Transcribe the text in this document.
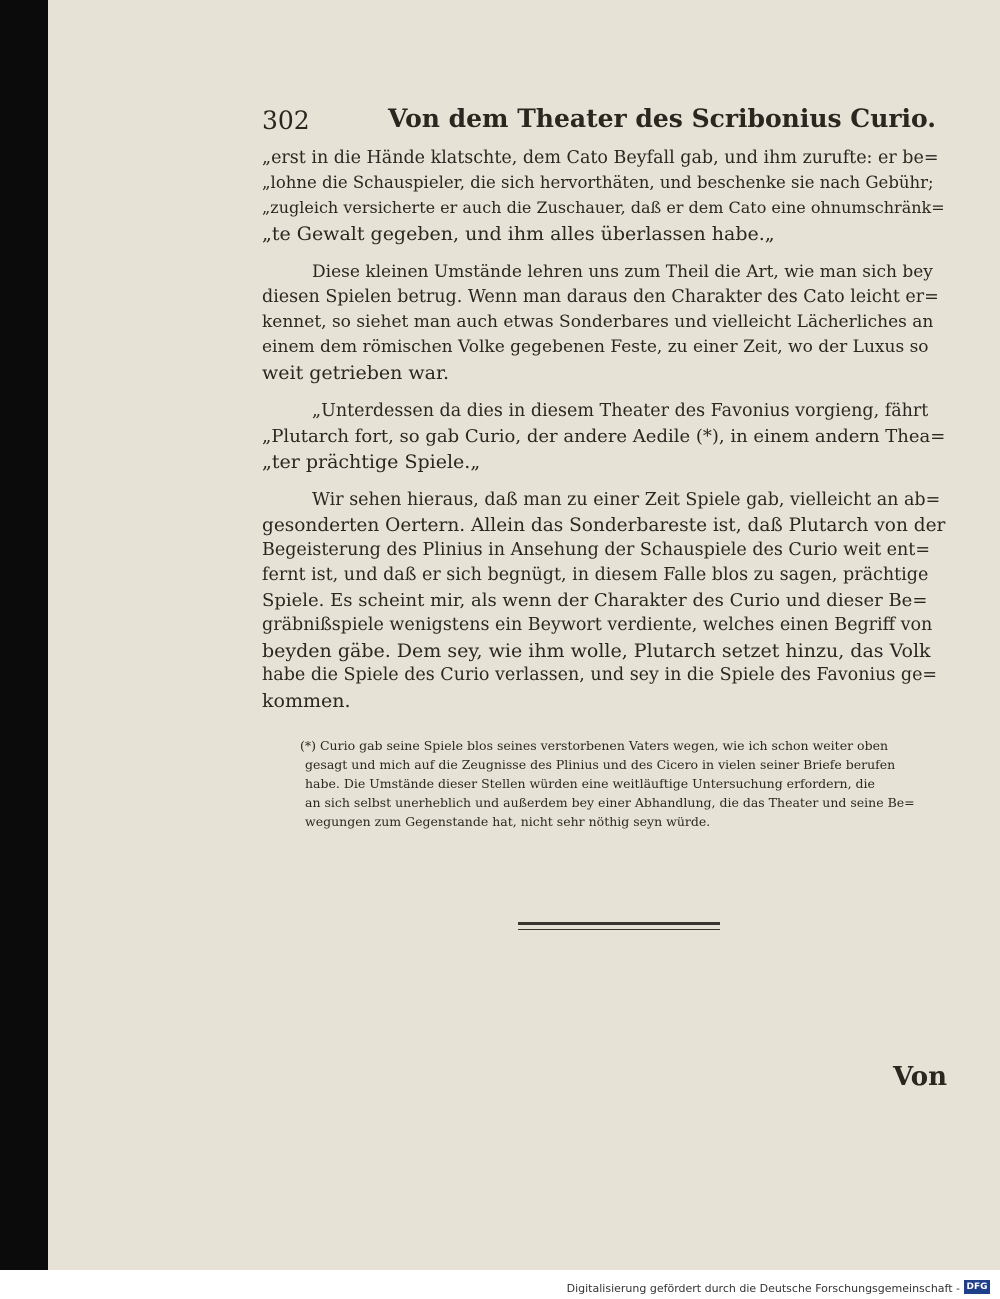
302	Von dem Theater des Scribonius Curio.
„erst in die Hände klatschte, dem Cato Beyfall gab, und ihm zurufte: er be=
„lohne die Schauspieler, die sich hervorthäten, und beschenke sie nach Gebühr;
„zugleich versicherte er auch die Zuschauer, daß er dem Cato eine ohnumschränk=
„te Gewalt gegeben, und ihm alles überlassen habe.„
Diese kleinen Umstände lehren uns zum Theil die Art, wie man sich bey
diesen Spielen betrug. Wenn man daraus den Charakter des Cato leicht er=
kennet, so siehet man auch etwas Sonderbares und vielleicht Lächerliches an
einem dem römischen Volke gegebenen Feste, zu einer Zeit, wo der Luxus so
weit getrieben war.
„Unterdessen da dies in diesem Theater des Favonius vorgieng, fährt
„Plutarch fort, so gab Curio, der andere Aedile (*), in einem andern Thea=
„ter prächtige Spiele.„
Wir sehen hieraus, daß man zu einer Zeit Spiele gab, vielleicht an ab=
gesonderten Oertern. Allein das Sonderbareste ist, daß Plutarch von der
Begeisterung des Plinius in Ansehung der Schauspiele des Curio weit ent=
fernt ist, und daß er sich begnügt, in diesem Falle blos zu sagen, prächtige
Spiele. Es scheint mir, als wenn der Charakter des Curio und dieser Be=
gräbnißspiele wenigstens ein Beywort verdiente, welches einen Begriff von
beyden gäbe. Dem sey, wie ihm wolle, Plutarch setzet hinzu, das Volk
habe die Spiele des Curio verlassen, und sey in die Spiele des Favonius ge=
kommen.
(*) Curio gab seine Spiele blos seines verstorbenen Vaters wegen, wie ich schon weiter oben
gesagt und mich auf die Zeugnisse des Plinius und des Cicero in vielen seiner Briefe berufen
habe. Die Umstände dieser Stellen würden eine weitläuftige Untersuchung erfordern, die
an sich selbst unerheblich und außerdem bey einer Abhandlung, die das Theater und seine Be=
wegungen zum Gegenstande hat, nicht sehr nöthig seyn würde.
Von
Digitalisierung gefördert durch die Deutsche Forschungsgemeinschaft - DFG
